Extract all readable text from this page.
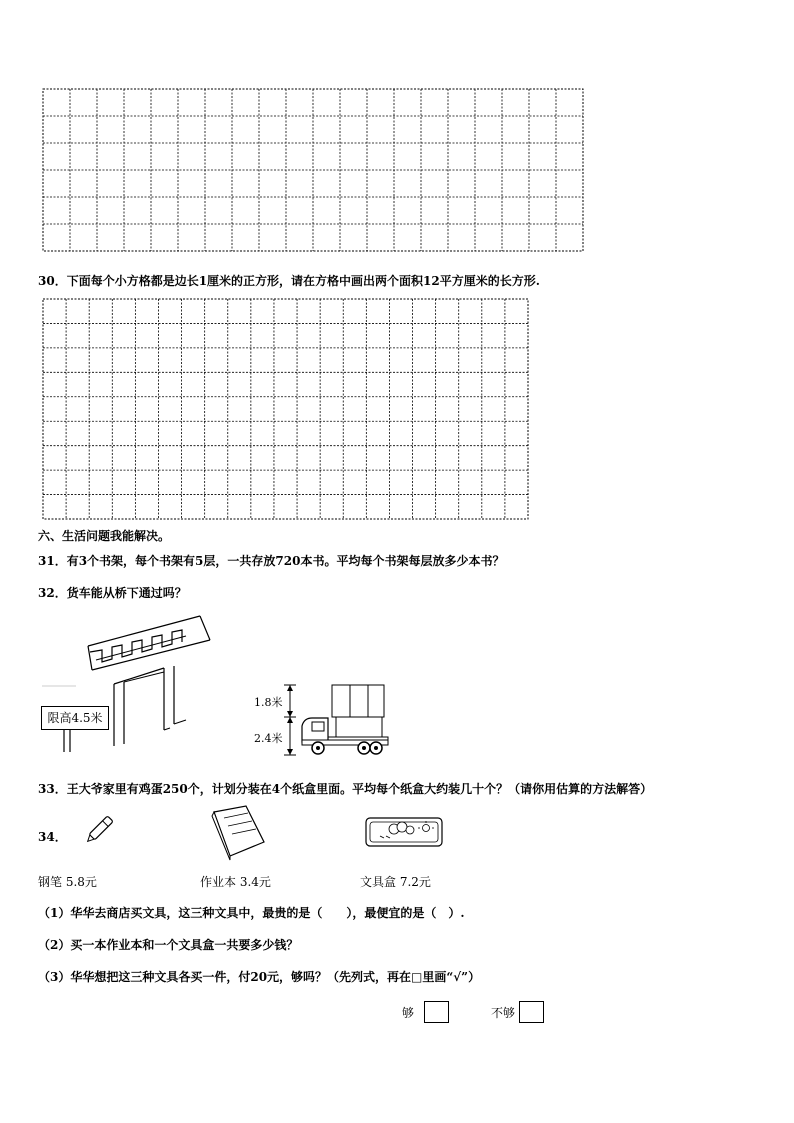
30．下面每个小方格都是边长1厘米的正方形，请在方格中画出两个面积12平方厘米的长方形.
六、生活问题我能解决。
31．有3个书架，每个书架有5层，一共存放720本书。平均每个书架每层放多少本书？
32．货车能从桥下通过吗？
限高4.5米
1.8米
2.4米
33．王大爷家里有鸡蛋250个，计划分装在4个纸盒里面。平均每个纸盒大约装几十个？（请你用估算的方法解答）
34．
钢笔 5.8元	作业本 3.4元	文具盒 7.2元
（1）华华去商店买文具，这三种文具中，最贵的是（　　），最便宜的是（　）.
（2）买一本作业本和一个文具盒一共要多少钱？
（3）华华想把这三种文具各买一件，付20元，够吗？（先列式，再在□里画“√”）
够	不够
